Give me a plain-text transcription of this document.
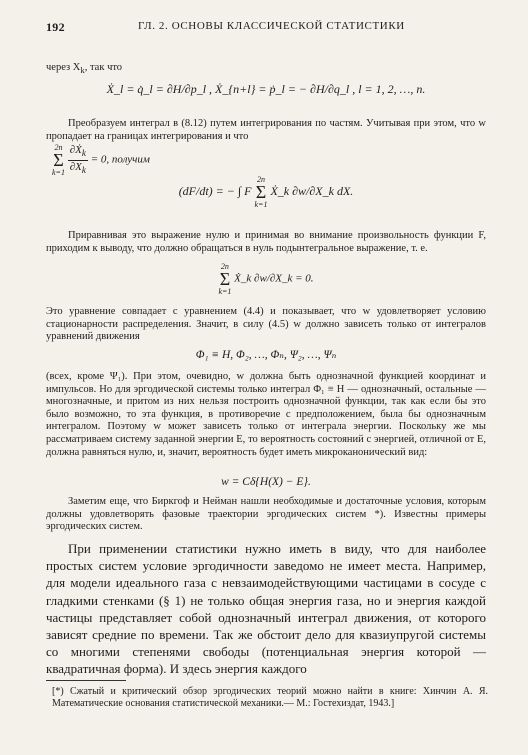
192	ГЛ. 2. ОСНОВЫ КЛАССИЧЕСКОЙ СТАТИСТИКИ
через $X_k$, так что
Ẋ_l = q̇_l = ∂H/∂p_l , Ẋ_{n+l} = ṗ_l = − ∂H/∂q_l , l = 1, 2, …, n.
Преобразуем интеграл в (8.12) путем интегрирования по частям. Учитывая при этом, что w пропадает на границах интегрирования и что
2n
Σ
k=1
$\frac{\partial Ẋ_k}{\partial X_k} = 0$, получим
(dF/dt) = − ∫ F
2n
Σ
k=1
Ẋ_k ∂w/∂X_k dX.
Приравнивая это выражение нулю и принимая во внимание произвольность функции F, приходим к выводу, что должно обращаться в нуль подынтегральное выражение, т. е.
2n
Σ
k=1
Ẋ_k ∂w/∂X_k = 0.
Это уравнение совпадает с уравнением (4.4) и показывает, что w удовлетворяет условию стационарности распределения. Значит, в силу (4.5) w должно зависеть только от интегралов уравнений движения
Φ₁ ≡ H, Φ₂, …, Φₙ, Ψ₂, …, Ψₙ
(всех, кроме Ψ₁). При этом, очевидно, w должна быть однозначной функцией координат и импульсов. Но для эргодической системы только интеграл Φ₁ ≡ H — однозначный, остальные — многозначные, и притом из них нельзя построить однозначной функции, так как если бы это было возможно, то эта функция, в противоречие с предположением, была бы однозначным интегралом. Поэтому w может зависеть только от интеграла энергии. Поскольку же мы рассматриваем систему заданной энергии E, то вероятность состояний с энергией, отличной от E, должна равняться нулю, и, значит, вероятность будет иметь микроканонический вид:
w = Cδ{H(X) − E}.
Заметим еще, что Биркгоф и Нейман нашли необходимые и достаточные условия, которым должны удовлетворять фазовые траектории эргодических систем *). Известны примеры эргодических систем.
При применении статистики нужно иметь в виду, что для наиболее простых систем условие эргодичности заведомо не имеет места. Например, для модели идеального газа с невзаимодействующими частицами в сосуде с гладкими стенками (§ 1) не только общая энергия газа, но и энергия каждой частицы представляет собой однозначный интеграл движения, от которого зависят средние по времени. Так же обстоит дело для квазиупругой системы со многими степенями свободы (потенциальная энергия которой — квадратичная форма). И здесь энергия каждого
[*) Сжатый и критический обзор эргодических теорий можно найти в книге: Хинчин А. Я. Математические основания статистической механики.— М.: Гостехиздат, 1943.]
